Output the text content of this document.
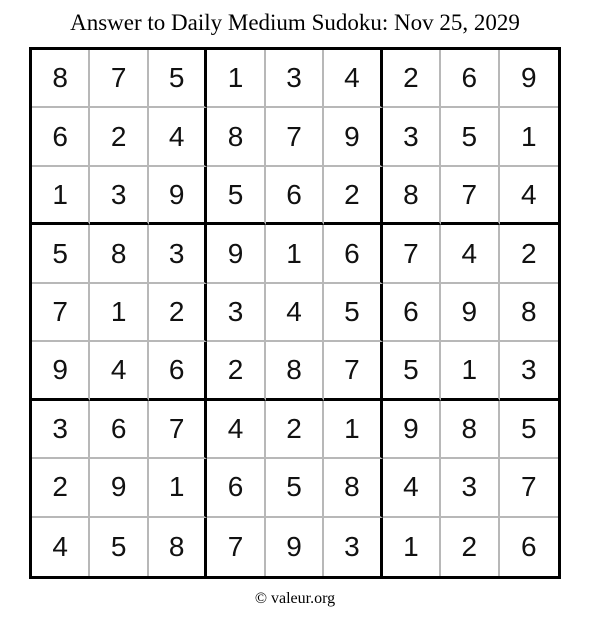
Answer to Daily Medium Sudoku: Nov 25, 2029
8	7	5	1	3	4	2	6	9
6	2	4	8	7	9	3	5	1
1	3	9	5	6	2	8	7	4
5	8	3	9	1	6	7	4	2
7	1	2	3	4	5	6	9	8
9	4	6	2	8	7	5	1	3
3	6	7	4	2	1	9	8	5
2	9	1	6	5	8	4	3	7
4	5	8	7	9	3	1	2	6
© valeur.org
